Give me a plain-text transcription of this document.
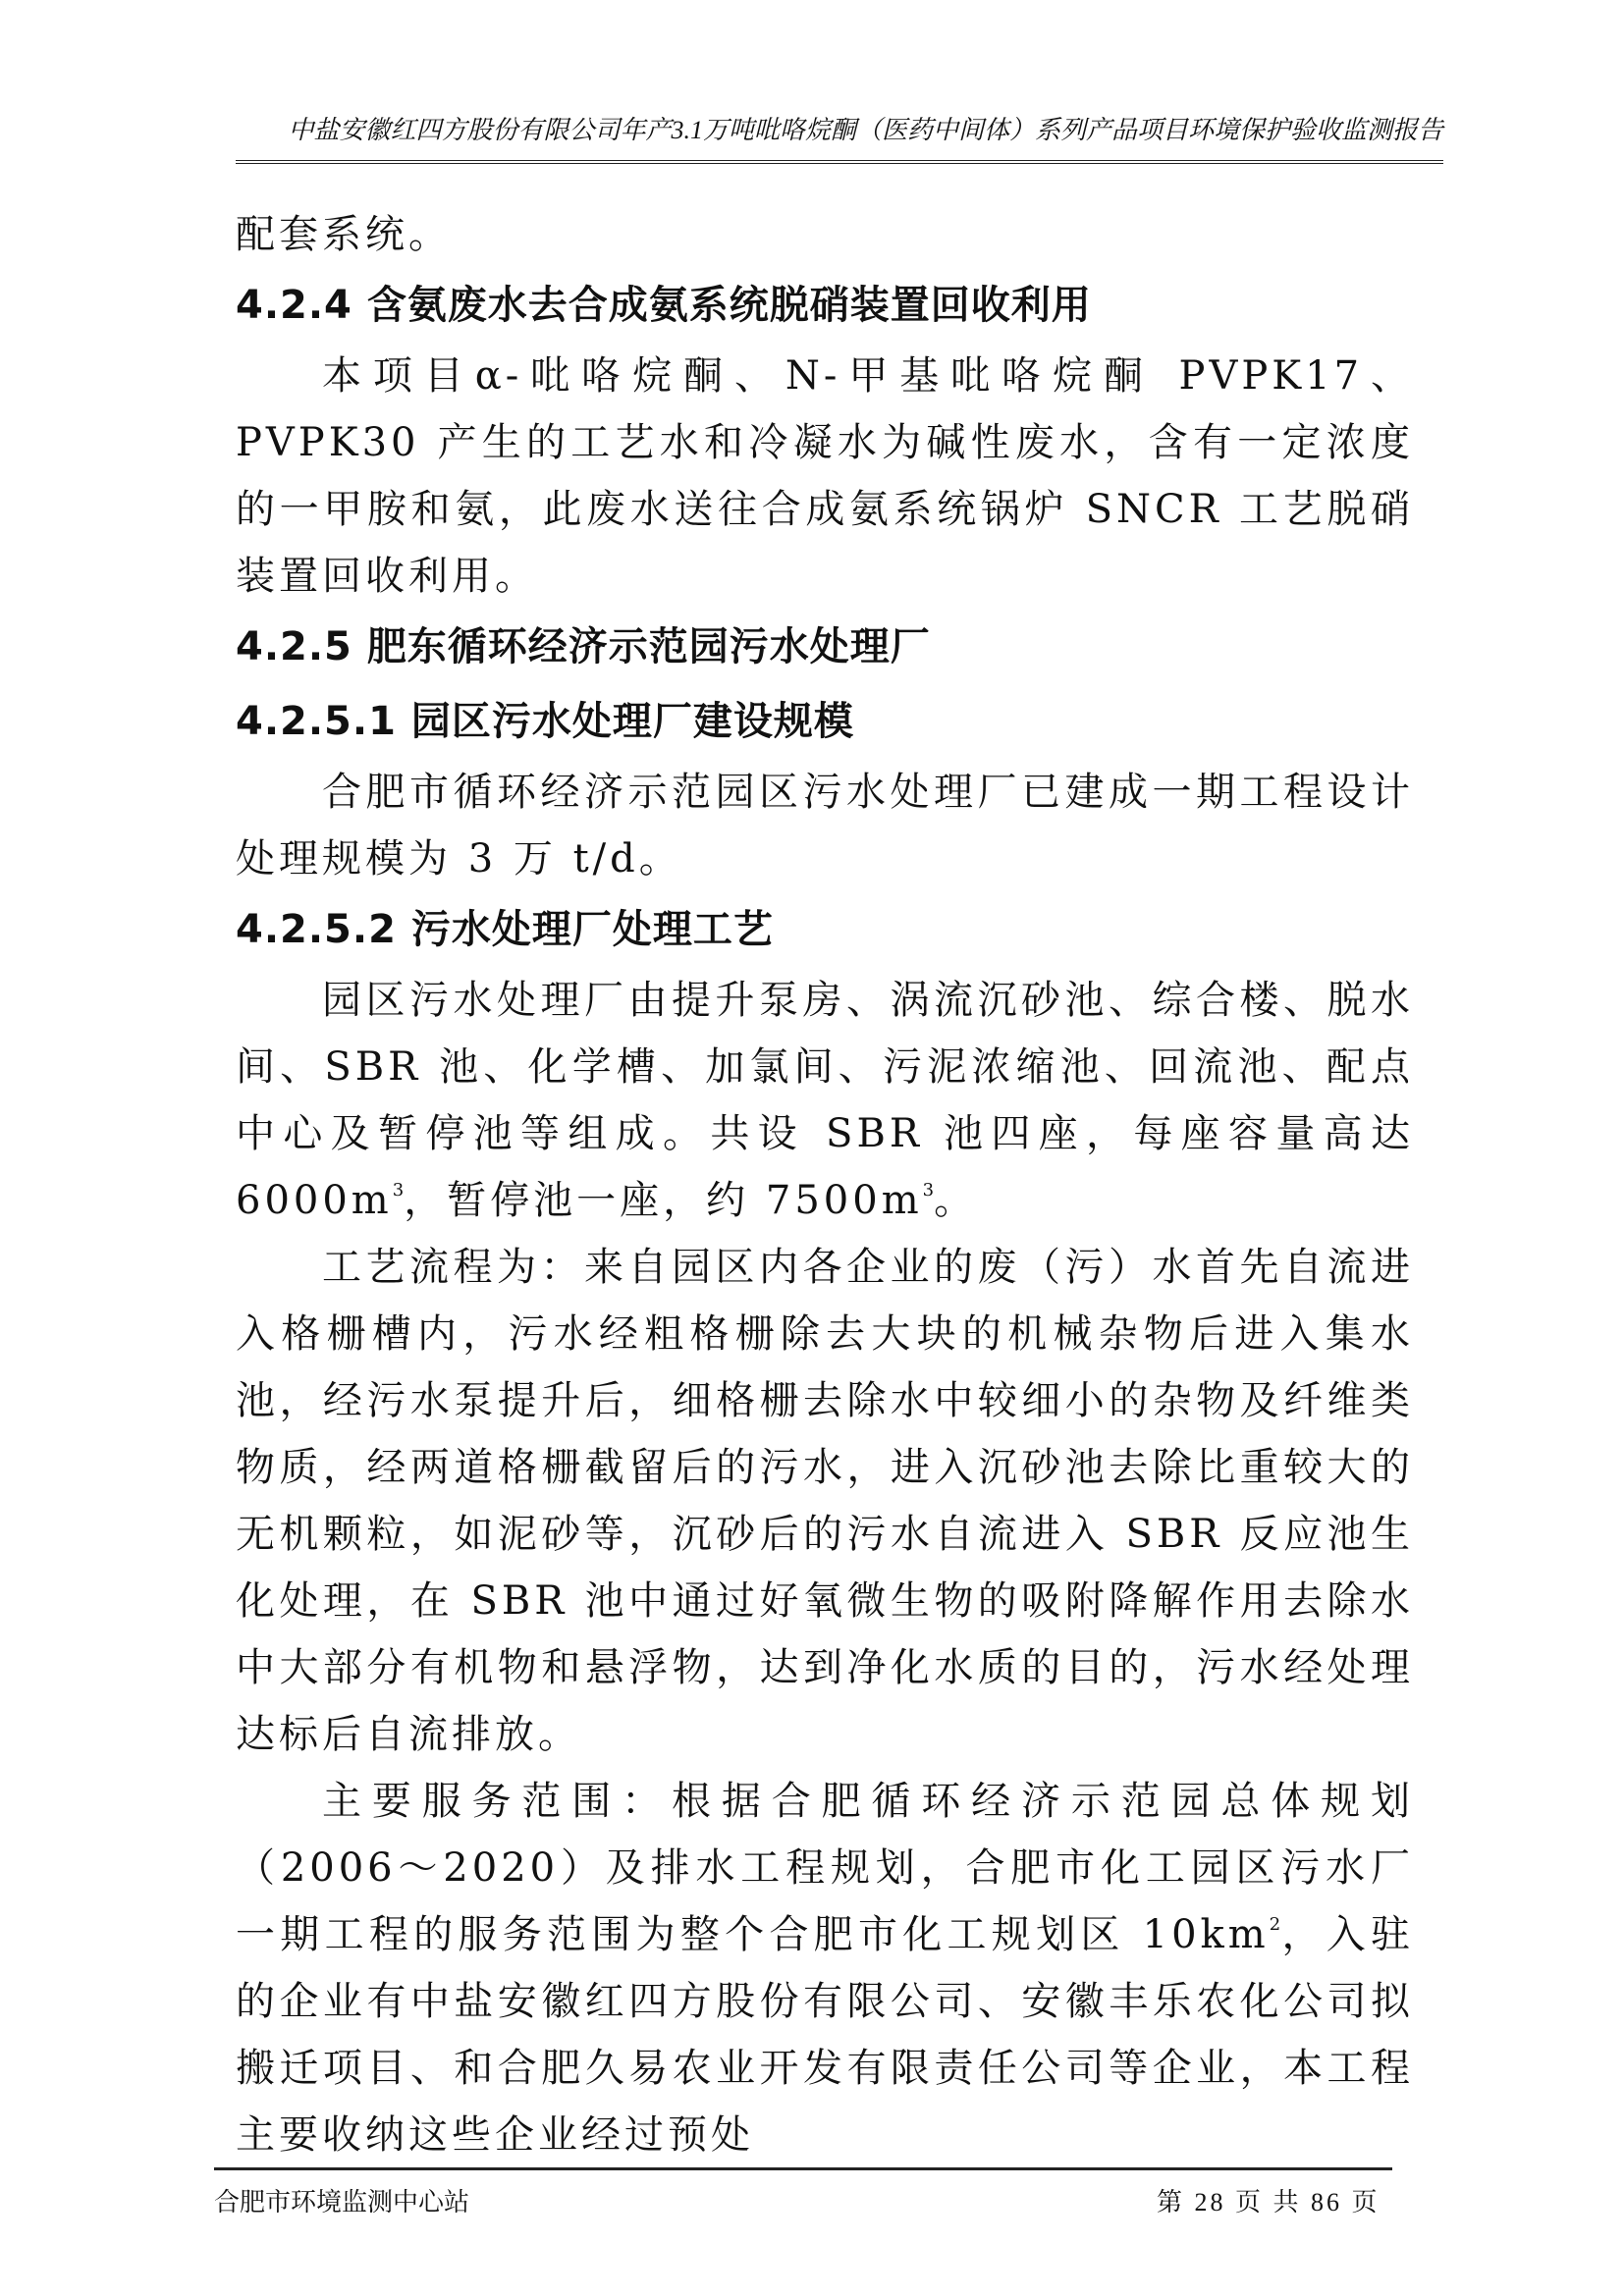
中盐安徽红四方股份有限公司年产3.1万吨吡咯烷酮（医药中间体）系列产品项目环境保护验收监测报告

配套系统。

4.2.4 含氨废水去合成氨系统脱硝装置回收利用

本项目α-吡咯烷酮、N-甲基吡咯烷酮 PVPK17、PVPK30 产生的工艺水和冷凝水为碱性废水，含有一定浓度的一甲胺和氨，此废水送往合成氨系统锅炉 SNCR 工艺脱硝装置回收利用。

4.2.5 肥东循环经济示范园污水处理厂

4.2.5.1 园区污水处理厂建设规模

合肥市循环经济示范园区污水处理厂已建成一期工程设计处理规模为 3 万 t/d。

4.2.5.2 污水处理厂处理工艺

园区污水处理厂由提升泵房、涡流沉砂池、综合楼、脱水间、SBR 池、化学槽、加氯间、污泥浓缩池、回流池、配点中心及暂停池等组成。共设 SBR 池四座，每座容量高达 $6000m^3$，暂停池一座，约 $7500m^3$。

工艺流程为：来自园区内各企业的废（污）水首先自流进入格栅槽内，污水经粗格栅除去大块的机械杂物后进入集水池，经污水泵提升后，细格栅去除水中较细小的杂物及纤维类物质，经两道格栅截留后的污水，进入沉砂池去除比重较大的无机颗粒，如泥砂等，沉砂后的污水自流进入 SBR 反应池生化处理，在 SBR 池中通过好氧微生物的吸附降解作用去除水中大部分有机物和悬浮物，达到净化水质的目的，污水经处理达标后自流排放。

主要服务范围：根据合肥循环经济示范园总体规划（2006～2020）及排水工程规划，合肥市化工园区污水厂一期工程的服务范围为整个合肥市化工规划区 $10km^2$，入驻的企业有中盐安徽红四方股份有限公司、安徽丰乐农化公司拟搬迁项目、和合肥久易农业开发有限责任公司等企业，本工程主要收纳这些企业经过预处

合肥市环境监测中心站	第 28 页 共 86 页
